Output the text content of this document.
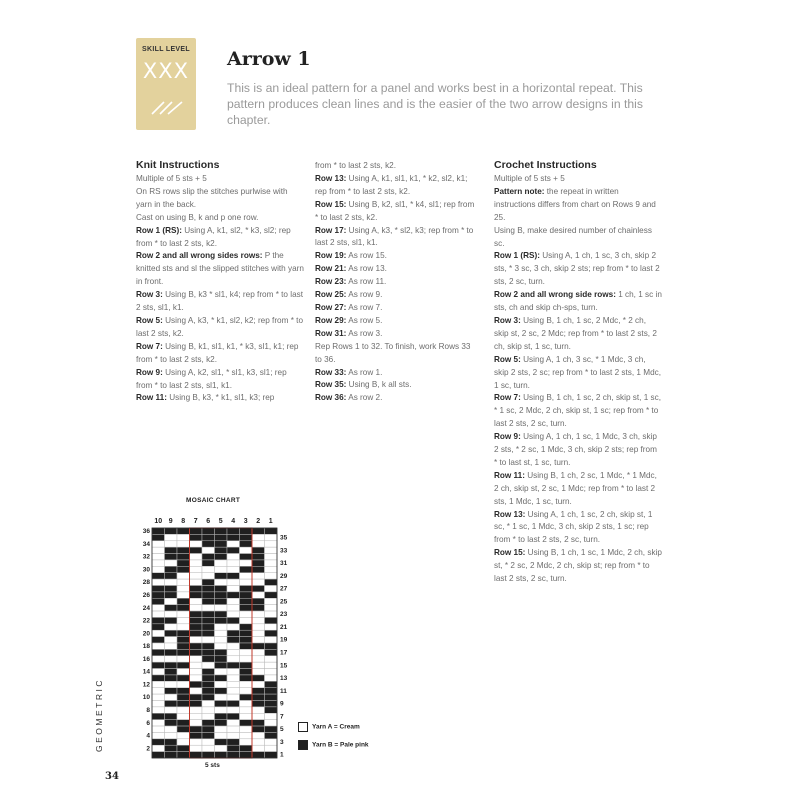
SKILL LEVEL
XXX	Arrow 1
This is an ideal pattern for a panel and works best in a horizontal repeat. This pattern produces clean lines and is the easier of the two arrow designs in this chapter.
Knit Instructions
Multiple of 5 sts + 5
On RS rows slip the stitches purlwise with yarn in the back.
Cast on using B, k and p one row.
Row 1 (RS): Using A, k1, sl2, * k3, sl2; rep from * to last 2 sts, k2.
Row 2 and all wrong sides rows: P the knitted sts and sl the slipped stitches with yarn in front.
Row 3: Using B, k3 * sl1, k4; rep from * to last 2 sts, sl1, k1.
Row 5: Using A, k3, * k1, sl2, k2; rep from * to last 2 sts, k2.
Row 7: Using B, k1, sl1, k1, * k3, sl1, k1; rep from * to last 2 sts, k2.
Row 9: Using A, k2, sl1, * sl1, k3, sl1; rep from * to last 2 sts, sl1, k1.
Row 11: Using B, k3, * k1, sl1, k3; rep
from * to last 2 sts, k2.
Row 13: Using A, k1, sl1, k1, * k2, sl2, k1; rep from * to last 2 sts, k2.
Row 15: Using B, k2, sl1, * k4, sl1; rep from * to last 2 sts, k2.
Row 17: Using A, k3, * sl2, k3; rep from * to last 2 sts, sl1, k1.
Row 19: As row 15.
Row 21: As row 13.
Row 23: As row 11.
Row 25: As row 9.
Row 27: As row 7.
Row 29: As row 5.
Row 31: As row 3.
Rep Rows 1 to 32. To finish, work Rows 33 to 36.
Row 33: As row 1.
Row 35: Using B, k all sts.
Row 36: As row 2.
Crochet Instructions
Multiple of 5 sts + 5
Pattern note: the repeat in written instructions differs from chart on Rows 9 and 25.
Using B, make desired number of chainless sc.
Row 1 (RS): Using A, 1 ch, 1 sc, 3 ch, skip 2 sts, * 3 sc, 3 ch, skip 2 sts; rep from * to last 2 sts, 2 sc, turn.
Row 2 and all wrong side rows: 1 ch, 1 sc in sts, ch and skip ch-sps, turn.
Row 3: Using B, 1 ch, 1 sc, 2 Mdc, * 2 ch, skip st, 2 sc, 2 Mdc; rep from * to last 2 sts, 2 ch, skip st, 1 sc, turn.
Row 5: Using A, 1 ch, 3 sc, * 1 Mdc, 3 ch, skip 2 sts, 2 sc; rep from * to last 2 sts, 1 Mdc, 1 sc, turn.
Row 7: Using B, 1 ch, 1 sc, 2 ch, skip st, 1 sc, * 1 sc, 2 Mdc, 2 ch, skip st, 1 sc; rep from * to last 2 sts, 2 sc, turn.
Row 9: Using A, 1 ch, 1 sc, 1 Mdc, 3 ch, skip 2 sts, * 2 sc, 1 Mdc, 3 ch, skip 2 sts; rep from * to last st, 1 sc, turn.
Row 11: Using B, 1 ch, 2 sc, 1 Mdc, * 1 Mdc, 2 ch, skip st, 2 sc, 1 Mdc; rep from * to last 2 sts, 1 Mdc, 1 sc, turn.
Row 13: Using A, 1 ch, 1 sc, 2 ch, skip st, 1 sc, * 1 sc, 1 Mdc, 3 ch, skip 2 sts, 1 sc; rep from * to last 2 sts, 2 sc, turn.
Row 15: Using B, 1 ch, 1 sc, 1 Mdc, 2 ch, skip st, * 2 sc, 2 Mdc, 2 ch, skip st; rep from * to last 2 sts, 2 sc, turn.
MOSAIC CHART
10 9 8 7 6 5 4 3 2 1
36
34
32
30
28
26
24
22
20
18
16
14
12
10
8
6
4
2
35
33
31
29
27
25
23
21
19
17
15
13
11
9
7
5
3
1
Yarn A = Cream
Yarn B = Pale pink
5 sts
GEOMETRIC
34
